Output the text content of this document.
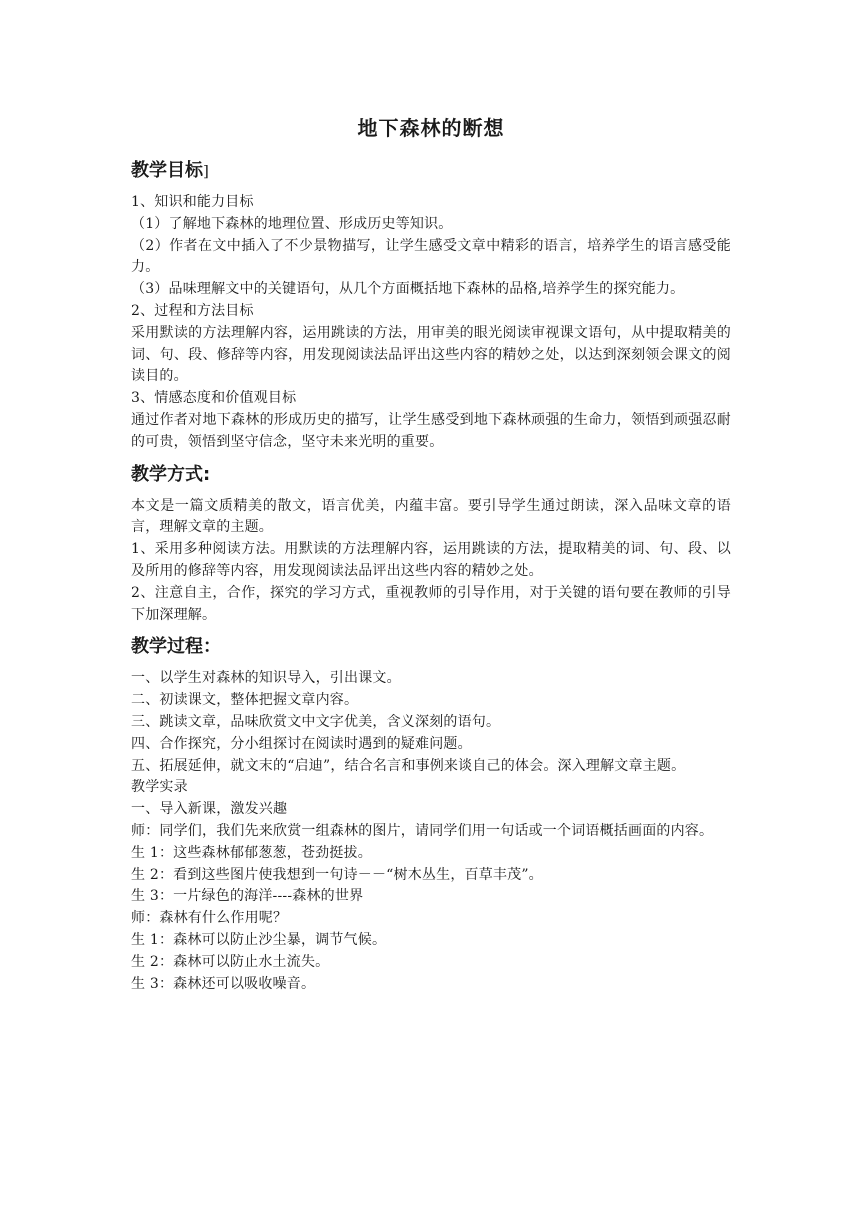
地下森林的断想
教学目标]

1、知识和能力目标

（1）了解地下森林的地理位置、形成历史等知识。

（2）作者在文中插入了不少景物描写，让学生感受文章中精彩的语言，培养学生的语言感受能力。

（3）品味理解文中的关键语句，从几个方面概括地下森林的品格,培养学生的探究能力。

2、过程和方法目标

采用默读的方法理解内容，运用跳读的方法，用审美的眼光阅读审视课文语句，从中提取精美的词、句、段、修辞等内容，用发现阅读法品评出这些内容的精妙之处，以达到深刻领会课文的阅读目的。

3、情感态度和价值观目标

通过作者对地下森林的形成历史的描写，让学生感受到地下森林顽强的生命力，领悟到顽强忍耐的可贵，领悟到坚守信念，坚守未来光明的重要。

教学方式:

本文是一篇文质精美的散文，语言优美，内蕴丰富。要引导学生通过朗读，深入品味文章的语言，理解文章的主题。

1、采用多种阅读方法。用默读的方法理解内容，运用跳读的方法，提取精美的词、句、段、以及所用的修辞等内容，用发现阅读法品评出这些内容的精妙之处。

2、注意自主，合作，探究的学习方式，重视教师的引导作用，对于关键的语句要在教师的引导下加深理解。

教学过程：

一、以学生对森林的知识导入，引出课文。

二、初读课文，整体把握文章内容。

三、跳读文章，品味欣赏文中文字优美，含义深刻的语句。

四、合作探究，分小组探讨在阅读时遇到的疑难问题。

五、拓展延伸，就文末的“启迪”，结合名言和事例来谈自己的体会。深入理解文章主题。

教学实录

一、导入新课，激发兴趣

师：同学们，我们先来欣赏一组森林的图片，请同学们用一句话或一个词语概括画面的内容。

生 1：这些森林郁郁葱葱，苍劲挺拔。

生 2：看到这些图片使我想到一句诗－－“树木丛生，百草丰茂”。

生 3：一片绿色的海洋----森林的世界

师：森林有什么作用呢？

生 1：森林可以防止沙尘暴，调节气候。

生 2：森林可以防止水土流失。

生 3：森林还可以吸收噪音。
